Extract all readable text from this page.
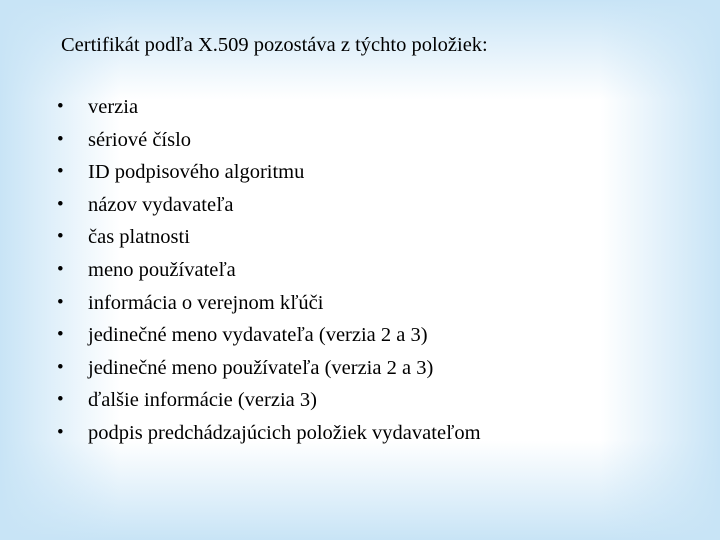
Certifikát podľa X.509 pozostáva z týchto položiek:
•	verzia
•	sériové číslo
•	ID podpisového algoritmu
•	názov vydavateľa
•	čas platnosti
•	meno používateľa
•	informácia o verejnom kľúči
•	jedinečné meno vydavateľa (verzia 2 a 3)
•	jedinečné meno používateľa (verzia 2 a 3)
•	ďalšie informácie (verzia 3)
•	podpis predchádzajúcich položiek vydavateľom
